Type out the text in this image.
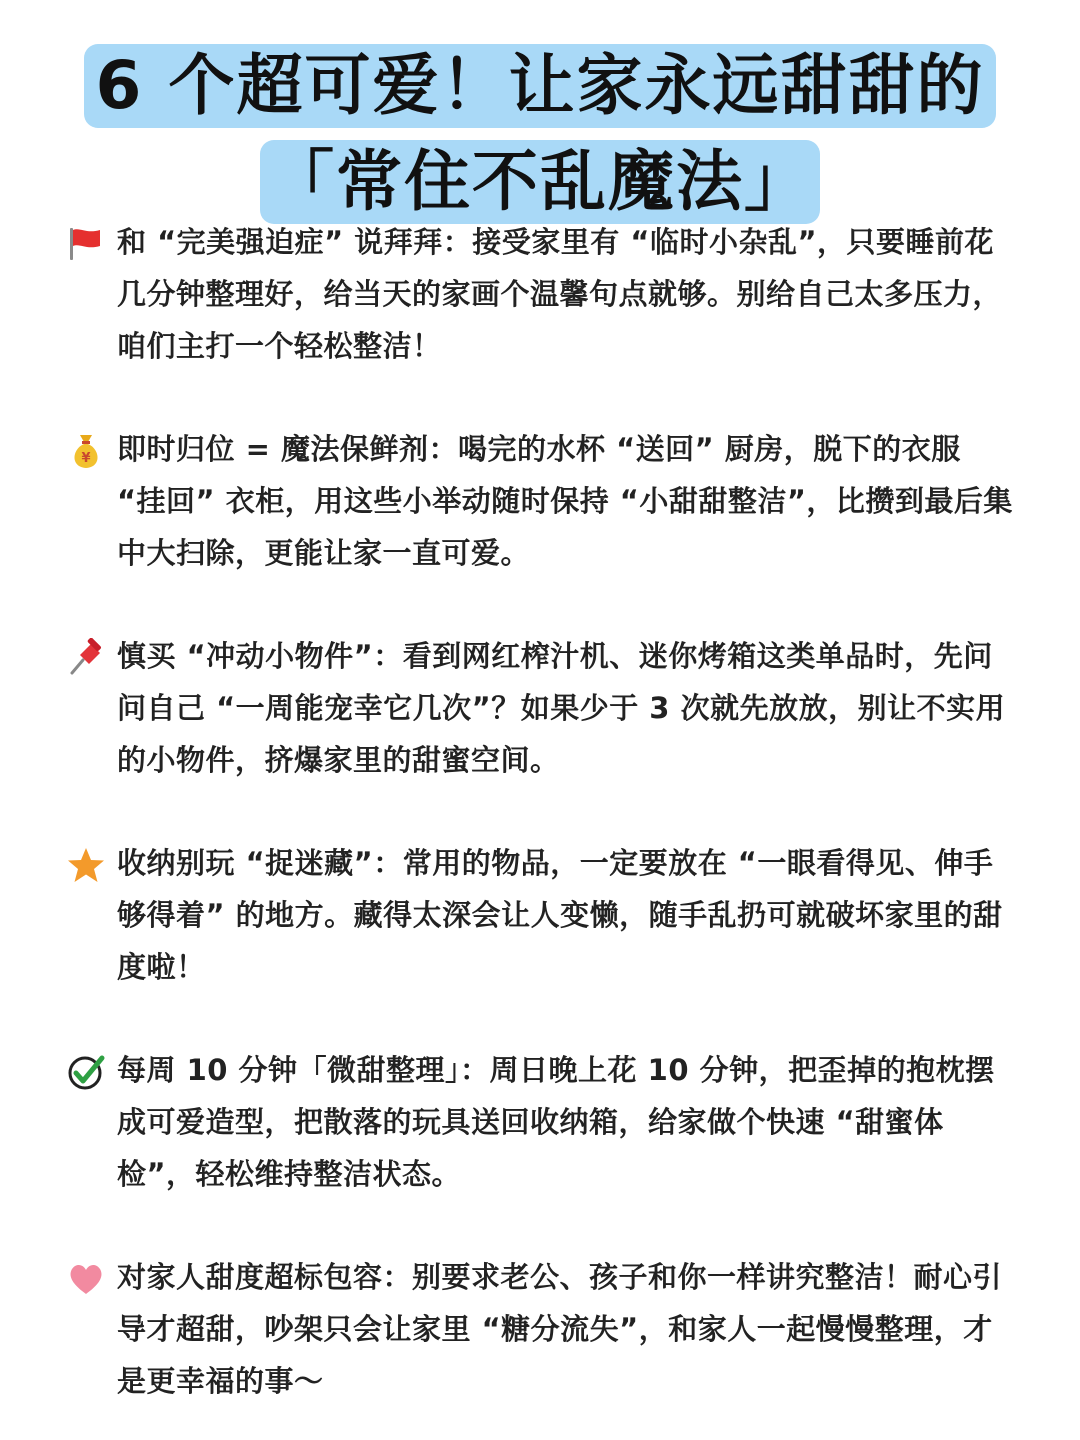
6 个超可爱！让家永远甜甜的
「常住不乱魔法」
和 “完美强迫症” 说拜拜：接受家里有 “临时小杂乱”，只要睡前花几分钟整理好，给当天的家画个温馨句点就够。别给自己太多压力，咱们主打一个轻松整洁！
¥ 即时归位 = 魔法保鲜剂：喝完的水杯 “送回” 厨房，脱下的衣服 “挂回” 衣柜，用这些小举动随时保持 “小甜甜整洁”，比攒到最后集中大扫除，更能让家一直可爱。
慎买 “冲动小物件”：看到网红榨汁机、迷你烤箱这类单品时，先问问自己 “一周能宠幸它几次”？如果少于 3 次就先放放，别让不实用的小物件，挤爆家里的甜蜜空间。
收纳别玩 “捉迷藏”：常用的物品，一定要放在 “一眼看得见、伸手够得着” 的地方。藏得太深会让人变懒，随手乱扔可就破坏家里的甜度啦！
每周 10 分钟「微甜整理」：周日晚上花 10 分钟，把歪掉的抱枕摆成可爱造型，把散落的玩具送回收纳箱，给家做个快速 “甜蜜体检”，轻松维持整洁状态。
对家人甜度超标包容：别要求老公、孩子和你一样讲究整洁！耐心引导才超甜，吵架只会让家里 “糖分流失”，和家人一起慢慢整理，才是更幸福的事～
